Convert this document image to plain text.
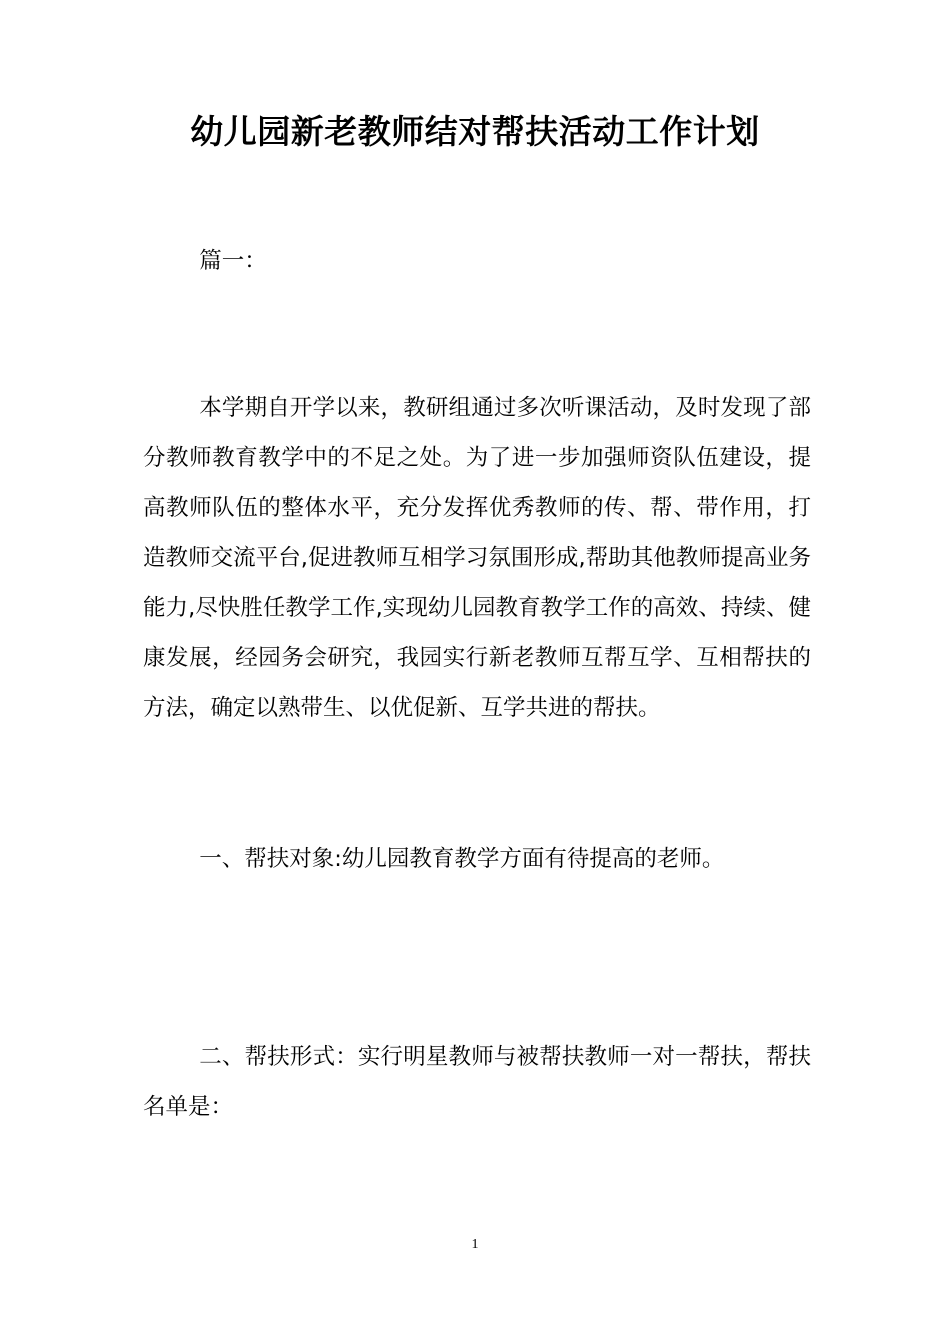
幼儿园新老教师结对帮扶活动工作计划

篇一：

本学期自开学以来，教研组通过多次听课活动，及时发现了部分教师教育教学中的不足之处。为了进一步加强师资队伍建设，提高教师队伍的整体水平，充分发挥优秀教师的传、帮、带作用，打造教师交流平台,促进教师互相学习氛围形成,帮助其他教师提高业务能力,尽快胜任教学工作,实现幼儿园教育教学工作的高效、持续、健康发展，经园务会研究，我园实行新老教师互帮互学、互相帮扶的方法，确定以熟带生、以优促新、互学共进的帮扶。

一、帮扶对象:幼儿园教育教学方面有待提高的老师。

二、帮扶形式：实行明星教师与被帮扶教师一对一帮扶，帮扶名单是：

1
